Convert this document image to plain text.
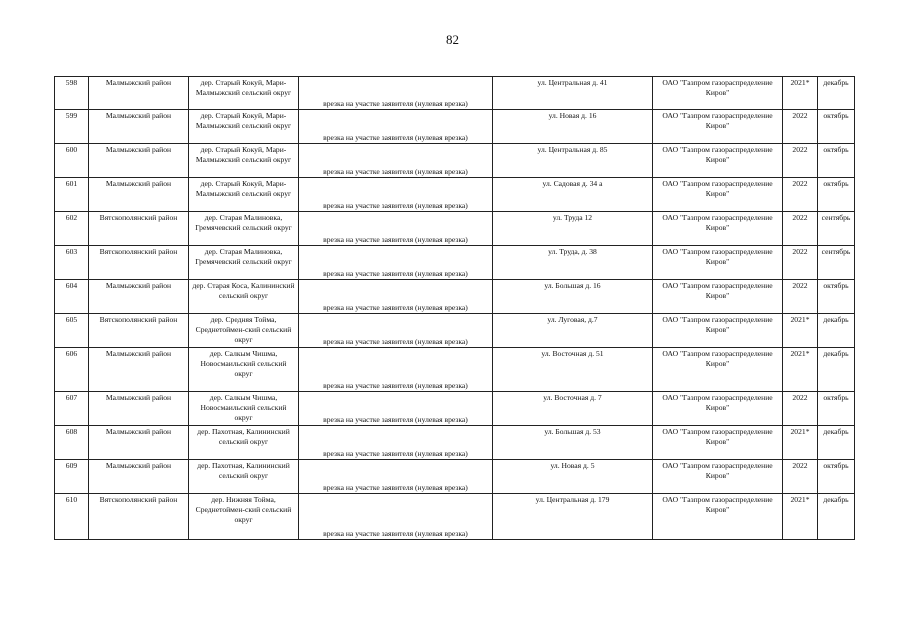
82
598	Малмыжский район	дер. Старый Кокуй, Мари-Малмыжский сельский округ	врезка на участке заявителя (нулевая врезка)	ул. Центральная д. 41	ОАО "Газпром газораспределение Киров"	2021*	декабрь
599	Малмыжский район	дер. Старый Кокуй, Мари-Малмыжский сельский округ	врезка на участке заявителя (нулевая врезка)	ул. Новая д. 16	ОАО "Газпром газораспределение Киров"	2022	октябрь
600	Малмыжский район	дер. Старый Кокуй, Мари-Малмыжский сельский округ	врезка на участке заявителя (нулевая врезка)	ул. Центральная д. 85	ОАО "Газпром газораспределение Киров"	2022	октябрь
601	Малмыжский район	дер. Старый Кокуй, Мари-Малмыжский сельский округ	врезка на участке заявителя (нулевая врезка)	ул. Садовая д. 34 а	ОАО "Газпром газораспределение Киров"	2022	октябрь
602	Вятскополянский район	дер. Старая Малиновка, Гремячевский сельский округ	врезка на участке заявителя (нулевая врезка)	ул. Труда 12	ОАО "Газпром газораспределение Киров"	2022	сентябрь
603	Вятскополянский район	дер. Старая Малиновка, Гремячевский сельский округ	врезка на участке заявителя (нулевая врезка)	ул. Труда, д. 38	ОАО "Газпром газораспределение Киров"	2022	сентябрь
604	Малмыжский район	дер. Старая Коса, Калининский сельский округ	врезка на участке заявителя (нулевая врезка)	ул. Большая д. 16	ОАО "Газпром газораспределение Киров"	2022	октябрь
605	Вятскополянский район	дер. Средняя Тойма, Среднетоймен-ский сельский округ	врезка на участке заявителя (нулевая врезка)	ул. Луговая, д.7	ОАО "Газпром газораспределение Киров"	2021*	декабрь
606	Малмыжский район	дер. Салкым Чишма, Новосмаильский сельский округ	врезка на участке заявителя (нулевая врезка)	ул. Восточная д. 51	ОАО "Газпром газораспределение Киров"	2021*	декабрь
607	Малмыжский район	дер. Салкым Чишма, Новосмаильский сельский округ	врезка на участке заявителя (нулевая врезка)	ул. Восточная д. 7	ОАО "Газпром газораспределение Киров"	2022	октябрь
608	Малмыжский район	дер. Пахотная, Калининский сельский округ	врезка на участке заявителя (нулевая врезка)	ул. Большая д. 53	ОАО "Газпром газораспределение Киров"	2021*	декабрь
609	Малмыжский район	дер. Пахотная, Калининский сельский округ	врезка на участке заявителя (нулевая врезка)	ул. Новая д. 5	ОАО "Газпром газораспределение Киров"	2022	октябрь
610	Вятскополянский район	дер. Нижняя Тойма, Среднетоймен-ский сельский округ	врезка на участке заявителя (нулевая врезка)	ул. Центральная д. 179	ОАО "Газпром газораспределение Киров"	2021*	декабрь
